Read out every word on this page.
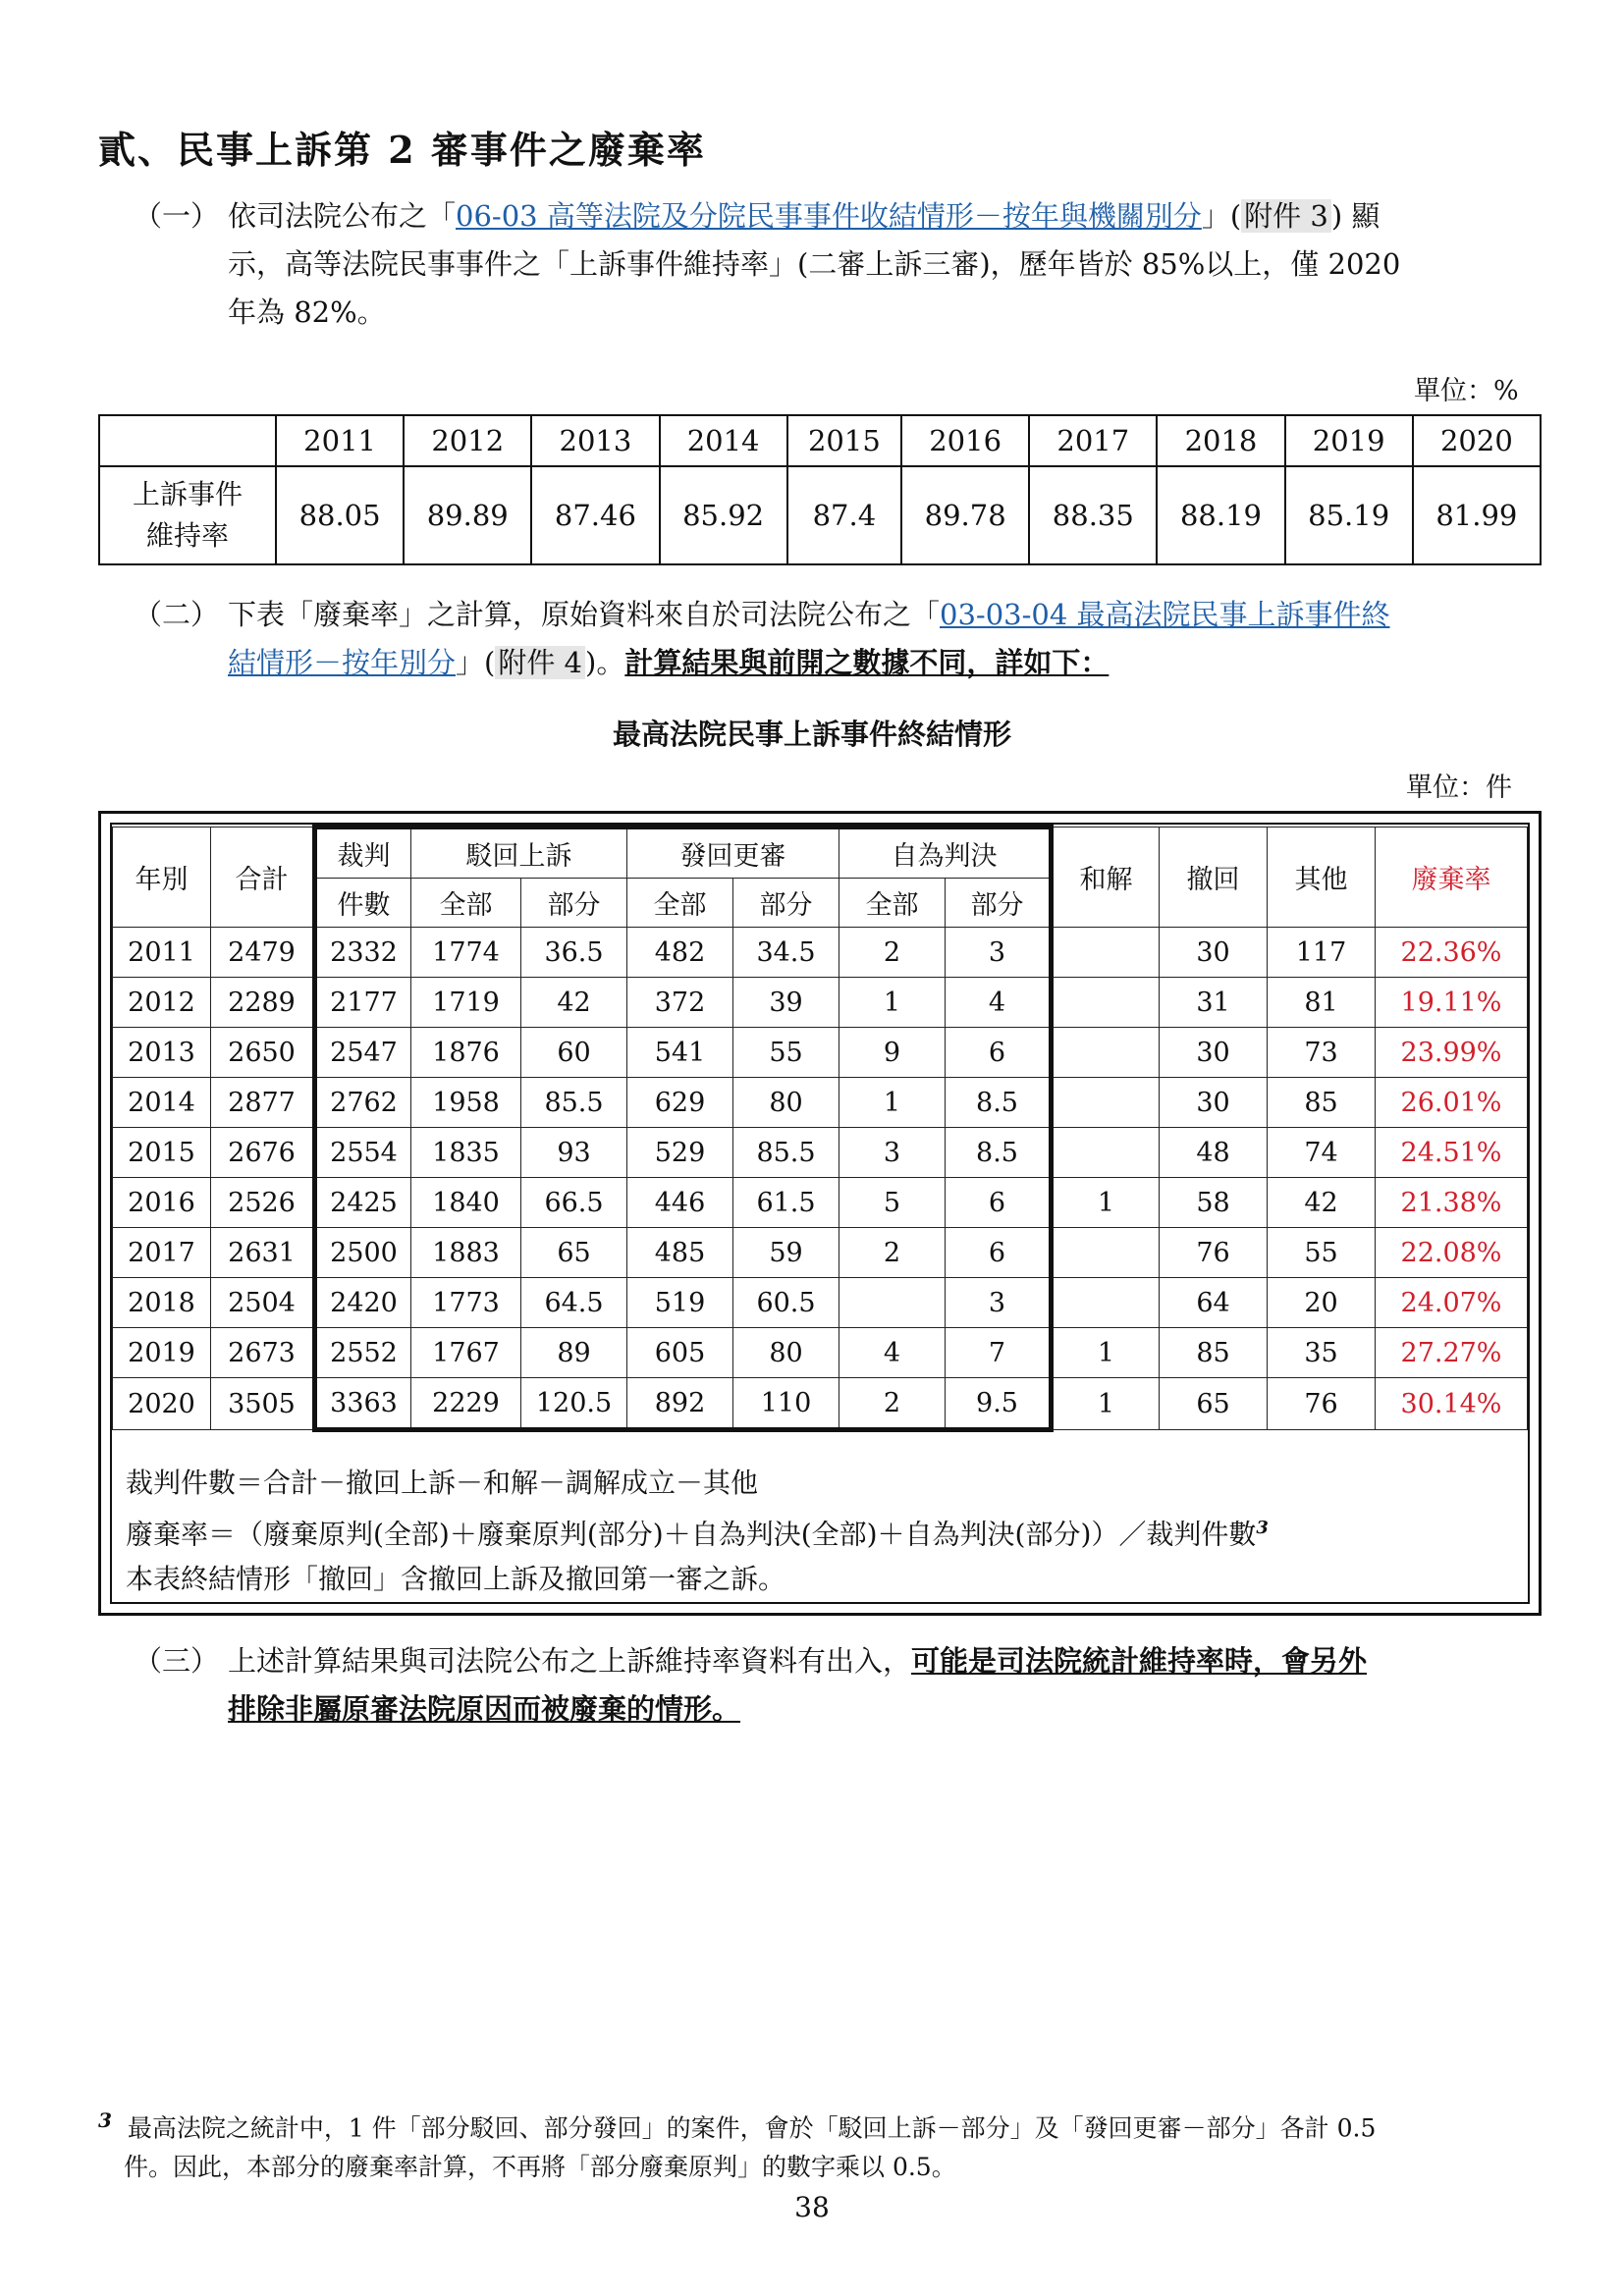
貳、民事上訴第 2 審事件之廢棄率
（一） 依司法院公布之「06-03 高等法院及分院民事事件收結情形－按年與機關別分」( 附件 3 ) 顯
示，高等法院民事事件之「上訴事件維持率」(二審上訴三審)，歷年皆於 85%以上，僅 2020
年為 82%。
單位：%
	2011	2012	2013	2014	2015	2016	2017	2018	2019	2020

上訴事件
維持率	88.05	89.89	87.46	85.92	87.4	89.78	88.35	88.19	85.19	81.99
（二） 下表「廢棄率」之計算，原始資料來自於司法院公布之「03-03-04 最高法院民事上訴事件終
結情形－按年別分」( 附件 4 )。計算結果與前開之數據不同，詳如下：
最高法院民事上訴事件終結情形
單位：件
年別	合計	裁判	駁回上訴		發回更審		自為判決		和解	撤回	其他	廢棄率
		件數	全部	部分	全部	部分	全部	部分				
2011	2479	2332	1774	36.5	482	34.5	2	3		30	117	22.36%
2012	2289	2177	1719	42	372	39	1	4		31	81	19.11%
2013	2650	2547	1876	60	541	55	9	6		30	73	23.99%
2014	2877	2762	1958	85.5	629	80	1	8.5		30	85	26.01%
2015	2676	2554	1835	93	529	85.5	3	8.5		48	74	24.51%
2016	2526	2425	1840	66.5	446	61.5	5	6	1	58	42	21.38%
2017	2631	2500	1883	65	485	59	2	6		76	55	22.08%
2018	2504	2420	1773	64.5	519	60.5		3		64	20	24.07%
2019	2673	2552	1767	89	605	80	4	7	1	85	35	27.27%
2020	3505	3363	2229	120.5	892	110	2	9.5	1	65	76	30.14%
裁判件數＝合計－撤回上訴－和解－調解成立－其他
廢棄率＝（廢棄原判(全部)＋廢棄原判(部分)＋自為判決(全部)＋自為判決(部分)）／裁判件數$^3$
本表終結情形「撤回」含撤回上訴及撤回第一審之訴。
（三） 上述計算結果與司法院公布之上訴維持率資料有出入，可能是司法院統計維持率時，會另外
排除非屬原審法院原因而被廢棄的情形。
$^3$ 最高法院之統計中，1 件「部分駁回、部分發回」的案件，會於「駁回上訴－部分」及「發回更審－部分」各計 0.5
件。因此，本部分的廢棄率計算，不再將「部分廢棄原判」的數字乘以 0.5。
38
